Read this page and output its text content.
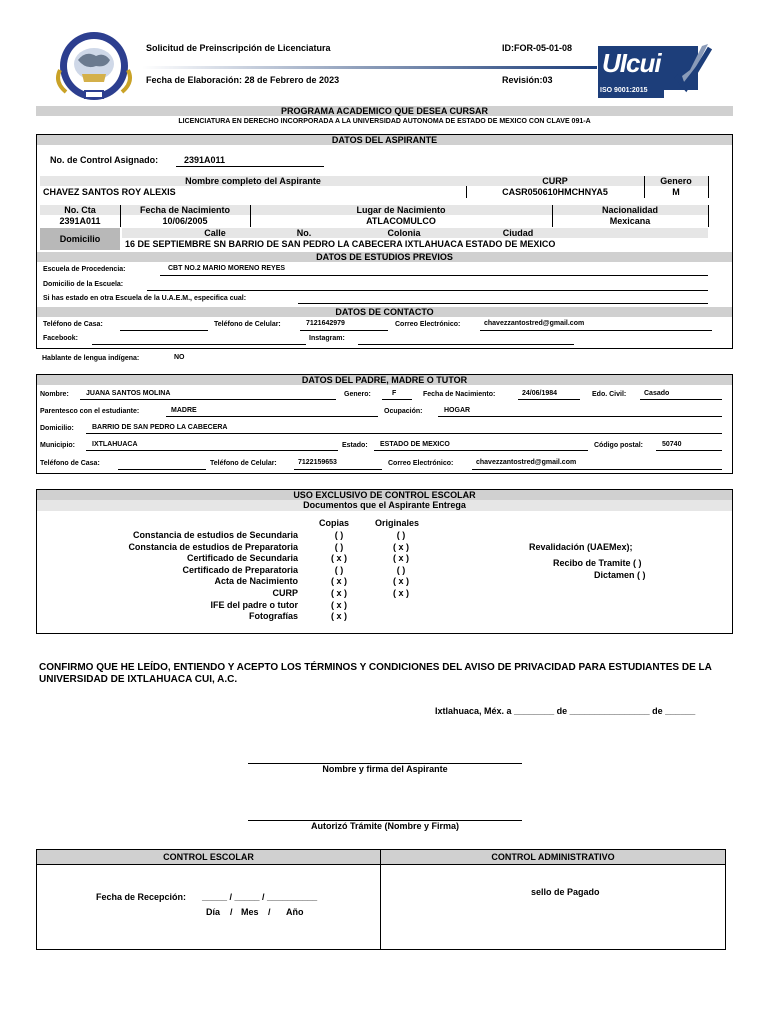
Solicitud de Preinscripción de Licenciatura	ID:FOR-05-01-08
Fecha de Elaboración: 28 de Febrero de 2023	Revisión:03
UIcui
ISO 9001:2015
PROGRAMA ACADEMICO QUE DESEA CURSAR
LICENCIATURA EN DERECHO INCORPORADA A LA UNIVERSIDAD AUTONOMA DE ESTADO DE MEXICO CON CLAVE 091-A
DATOS DEL ASPIRANTE
No. de Control Asignado:	2391A011
Nombre completo del Aspirante	CURP	Genero
CHAVEZ SANTOS ROY ALEXIS	CASR050610HMCHNYA5	M
No. Cta	Fecha de Nacimiento	Lugar de Nacimiento	Nacionalidad
2391A011	10/06/2005	ATLACOMULCO	Mexicana
Domicilio
Calle	No.	Colonia	Ciudad
16 DE SEPTIEMBRE SN BARRIO DE SAN PEDRO LA CABECERA IXTLAHUACA ESTADO DE MEXICO
DATOS DE ESTUDIOS PREVIOS
Escuela de Procedencia:	CBT NO.2 MARIO MORENO REYES
Domicilio de la Escuela:
Si has estado en otra Escuela de la U.A.E.M., especifica cual:
DATOS DE CONTACTO
Teléfono de Casa:	Teléfono de Celular:	7121642979	Correo Electrónico:	chavezzantostred@gmail.com
Facebook:	Instagram:
Hablante de lengua indígena:	NO
DATOS DEL PADRE, MADRE O TUTOR
Nombre: JUANA SANTOS MOLINA	Genero:	F	Fecha de Nacimiento:	24/06/1984	Edo. Civil:	Casado
Parentesco con el estudiante:	MADRE	Ocupación:	HOGAR
Domicilio:	BARRIO DE SAN PEDRO LA CABECERA
Municipio: IXTLAHUACA	Estado: ESTADO DE MEXICO	Código postal:	50740
Teléfono de Casa:	Teléfono de Celular:	7122159653	Correo Electrónico:	chavezzantostred@gmail.com
USO EXCLUSIVO DE CONTROL ESCOLAR
Documentos que el Aspirante Entrega
Copias	Originales
Constancia de estudios de Secundaria	( )	( )
Constancia de estudios de Preparatoria	( )	( x )
Certificado de Secundaria	( x )	( x )
Certificado de Preparatoria	( )	( )
Acta de Nacimiento	( x )	( x )
CURP	( x )	( x )
IFE del padre o tutor	( x )
Fotografías	( x )
Revalidación (UAEMex);
Recibo de Tramite ( )
Dictamen ( )
CONFIRMO QUE HE LEÍDO, ENTIENDO Y ACEPTO LOS TÉRMINOS Y CONDICIONES DEL AVISO DE PRIVACIDAD PARA ESTUDIANTES DE LA UNIVERSIDAD DE IXTLAHUACA CUI, A.C.
Ixtlahuaca, Méx. a ________ de ________________ de ______
Nombre y firma del Aspirante
Autorizó Trámite (Nombre y Firma)
CONTROL ESCOLAR	CONTROL ADMINISTRATIVO
Fecha de Recepción: _____ / _____ / __________
Día / Mes / Año
sello de Pagado
